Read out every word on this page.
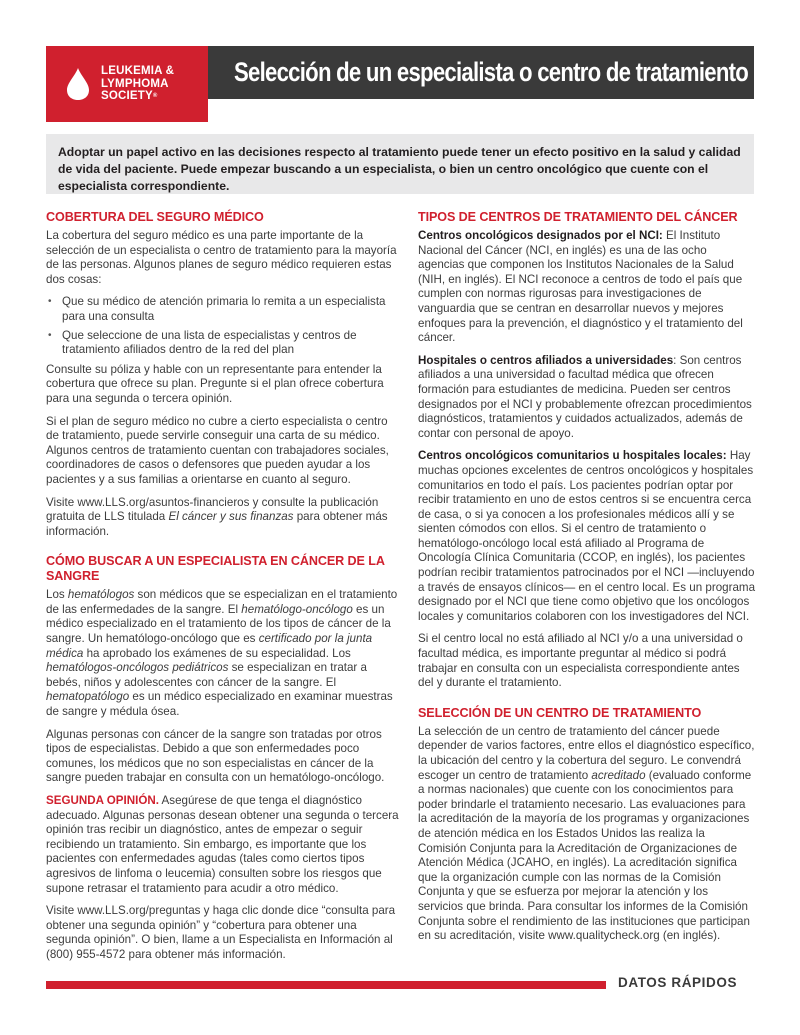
LEUKEMIA &
LYMPHOMA
SOCIETY®
Selección de un especialista o centro de tratamiento
Adoptar un papel activo en las decisiones respecto al tratamiento puede tener un efecto positivo en la salud y calidad de vida del paciente. Puede empezar buscando a un especialista, o bien un centro oncológico que cuente con el especialista correspondiente.
COBERTURA DEL SEGURO MÉDICO

La cobertura del seguro médico es una parte importante de la selección de un especialista o centro de tratamiento para la mayoría de las personas. Algunos planes de seguro médico requieren estas dos cosas:

• Que su médico de atención primaria lo remita a un especialista para una consulta
• Que seleccione de una lista de especialistas y centros de tratamiento afiliados dentro de la red del plan

Consulte su póliza y hable con un representante para entender la cobertura que ofrece su plan. Pregunte si el plan ofrece cobertura para una segunda o tercera opinión.

Si el plan de seguro médico no cubre a cierto especialista o centro de tratamiento, puede servirle conseguir una carta de su médico. Algunos centros de tratamiento cuentan con trabajadores sociales, coordinadores de casos o defensores que pueden ayudar a los pacientes y a sus familias a orientarse en cuanto al seguro.

Visite www.LLS.org/asuntos-financieros y consulte la publicación gratuita de LLS titulada El cáncer y sus finanzas para obtener más información.

CÓMO BUSCAR A UN ESPECIALISTA EN CÁNCER DE LA SANGRE

Los hematólogos son médicos que se especializan en el tratamiento de las enfermedades de la sangre. El hematólogo-oncólogo es un médico especializado en el tratamiento de los tipos de cáncer de la sangre. Un hematólogo-oncólogo que es certificado por la junta médica ha aprobado los exámenes de su especialidad. Los hematólogos-oncólogos pediátricos se especializan en tratar a bebés, niños y adolescentes con cáncer de la sangre. El hematopatólogo es un médico especializado en examinar muestras de sangre y médula ósea.

Algunas personas con cáncer de la sangre son tratadas por otros tipos de especialistas. Debido a que son enfermedades poco comunes, los médicos que no son especialistas en cáncer de la sangre pueden trabajar en consulta con un hematólogo-oncólogo.

SEGUNDA OPINIÓN. Asegúrese de que tenga el diagnóstico adecuado. Algunas personas desean obtener una segunda o tercera opinión tras recibir un diagnóstico, antes de empezar o seguir recibiendo un tratamiento. Sin embargo, es importante que los pacientes con enfermedades agudas (tales como ciertos tipos agresivos de linfoma o leucemia) consulten sobre los riesgos que supone retrasar el tratamiento para acudir a otro médico.

Visite www.LLS.org/preguntas y haga clic donde dice “consulta para obtener una segunda opinión” y “cobertura para obtener una segunda opinión”. O bien, llame a un Especialista en Información al (800) 955-4572 para obtener más información.

TIPOS DE CENTROS DE TRATAMIENTO DEL CÁNCER

Centros oncológicos designados por el NCI: El Instituto Nacional del Cáncer (NCI, en inglés) es una de las ocho agencias que componen los Institutos Nacionales de la Salud (NIH, en inglés). El NCI reconoce a centros de todo el país que cumplen con normas rigurosas para investigaciones de vanguardia que se centran en desarrollar nuevos y mejores enfoques para la prevención, el diagnóstico y el tratamiento del cáncer.

Hospitales o centros afiliados a universidades: Son centros afiliados a una universidad o facultad médica que ofrecen formación para estudiantes de medicina. Pueden ser centros designados por el NCI y probablemente ofrezcan procedimientos diagnósticos, tratamientos y cuidados actualizados, además de contar con personal de apoyo.

Centros oncológicos comunitarios u hospitales locales: Hay muchas opciones excelentes de centros oncológicos y hospitales comunitarios en todo el país. Los pacientes podrían optar por recibir tratamiento en uno de estos centros si se encuentra cerca de casa, o si ya conocen a los profesionales médicos allí y se sienten cómodos con ellos. Si el centro de tratamiento o hematólogo-oncólogo local está afiliado al Programa de Oncología Clínica Comunitaria (CCOP, en inglés), los pacientes podrían recibir tratamientos patrocinados por el NCI —incluyendo a través de ensayos clínicos— en el centro local. Es un programa designado por el NCI que tiene como objetivo que los oncólogos locales y comunitarios colaboren con los investigadores del NCI.

Si el centro local no está afiliado al NCI y/o a una universidad o facultad médica, es importante preguntar al médico si podrá trabajar en consulta con un especialista correspondiente antes del y durante el tratamiento.

SELECCIÓN DE UN CENTRO DE TRATAMIENTO

La selección de un centro de tratamiento del cáncer puede depender de varios factores, entre ellos el diagnóstico específico, la ubicación del centro y la cobertura del seguro. Le convendrá escoger un centro de tratamiento acreditado (evaluado conforme a normas nacionales) que cuente con los conocimientos para poder brindarle el tratamiento necesario. Las evaluaciones para la acreditación de la mayoría de los programas y organizaciones de atención médica en los Estados Unidos las realiza la Comisión Conjunta para la Acreditación de Organizaciones de Atención Médica (JCAHO, en inglés). La acreditación significa que la organización cumple con las normas de la Comisión Conjunta y que se esfuerza por mejorar la atención y los servicios que brinda. Para consultar los informes de la Comisión Conjunta sobre el rendimiento de las instituciones que participan en su acreditación, visite www.qualitycheck.org (en inglés).

DATOS RÁPIDOS
